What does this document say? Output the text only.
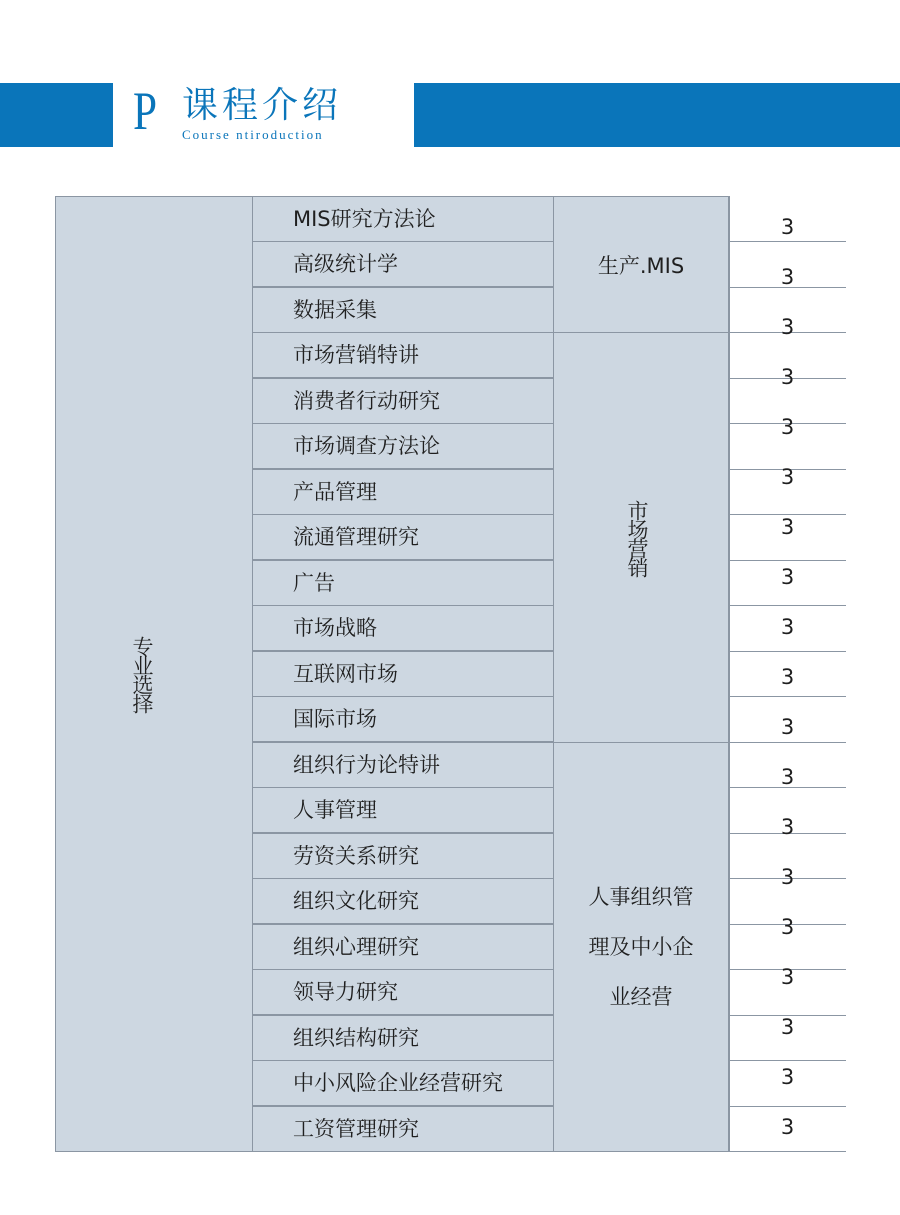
P 课程介绍
Course ntiroduction
专业选择
MIS研究方法论
高级统计学
数据采集
市场营销特讲
消费者行动研究
市场调查方法论
产品管理
流通管理研究
广告
市场战略
互联网市场
国际市场
组织行为论特讲
人事管理
劳资关系研究
组织文化研究
组织心理研究
领导力研究
组织结构研究
中小风险企业经营研究
工资管理研究
生产.MIS
市场营销
人事组织管
理及中小企
业经营
3
3
3
3
3
3
3
3
3
3
3
3
3
3
3
3
3
3
3
